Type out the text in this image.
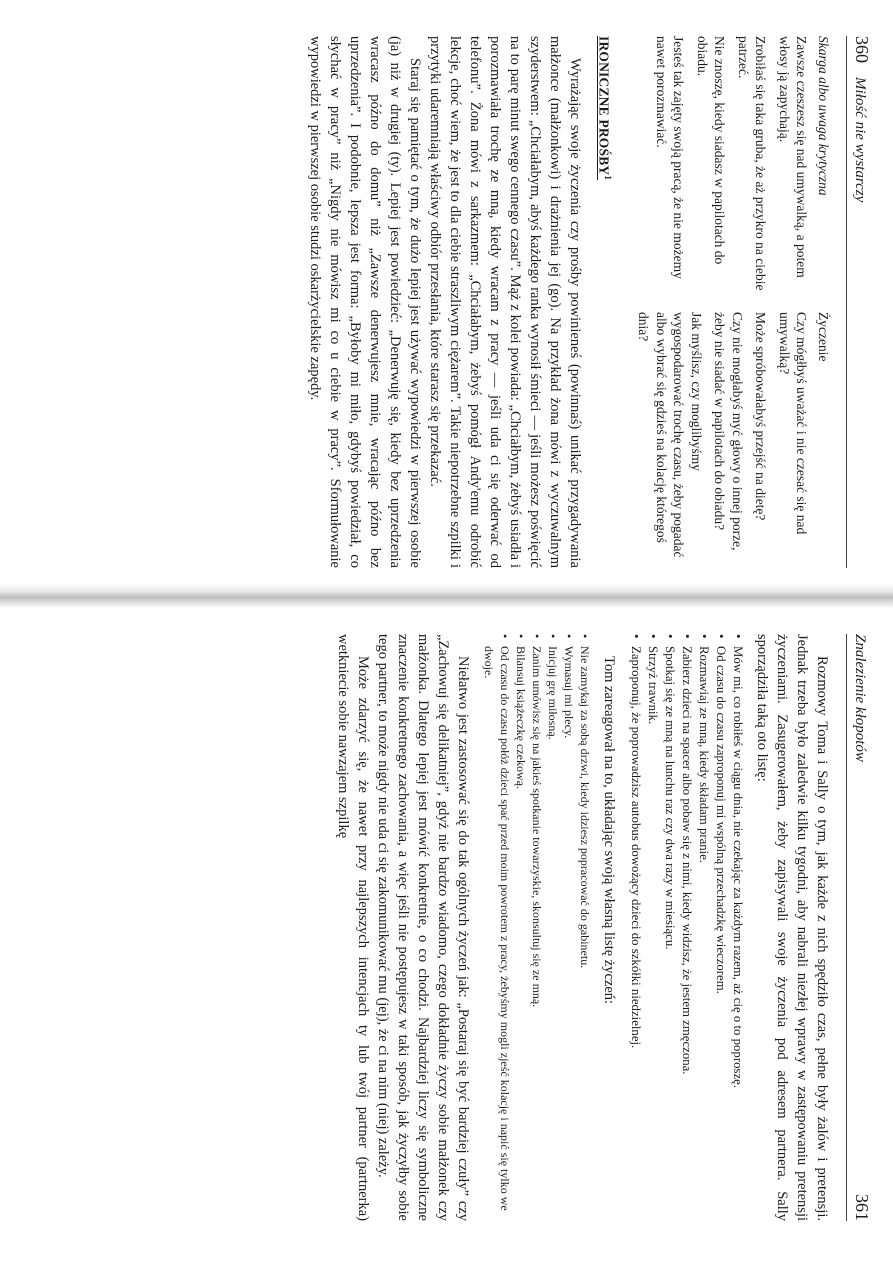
360
Miłość nie wystarczy
Skarga albo uwaga krytyczna

Zawsze czeszesz się nad umywalką, a potem włosy ją zapychają.

Zrobiłaś się taka gruba, że aż przykro na ciebie patrzeć.

Nie znoszę, kiedy siadasz w papilotach do obiadu.

Jesteś tak zajęty swoją pracą, że nie możemy nawet porozmawiać.

Życzenie

Czy mógłbyś uważać i nie czesać się nad umywalką?

Może spróbowałabyś przejść na dietę?

Czy nie mogłabyś myć głowy o innej porze, żeby nie siadać w papilotach do obiadu?

Jak myślisz, czy moglibyśmy wygospodarować trochę czasu, żeby pogadać albo wybrać się gdzieś na kolację któregoś dnia?

IRONICZNE PROŚBY$^1$

Wyrażając swoje życzenia czy prośby powinieneś (powinnaś) unikać przygadywania małżonce (małżonkowi) i drażnienia jej (go). Na przykład żona mówi z wyczuwalnym szyderstwem: „Chciałabym, abyś każdego ranka wynosił śmieci — jeśli możesz poświęcić na to parę minut swego cennego czasu”. Mąż z kolei powiada: „Chciałbym, żebyś usiadła i porozmawiała trochę ze mną, kiedy wracam z pracy — jeśli uda ci się oderwać od telefonu”. Żona mówi z sarkazmem: „Chciałabym, żebyś pomógł Andy'emu odrobić lekcje, choć wiem, że jest to dla ciebie straszliwym ciężarem”. Takie niepotrzebne szpilki i przytyki udaremniają właściwy odbiór przesłania, które starasz się przekazać.

Staraj się pamiętać o tym, że dużo lepiej jest używać wypowiedzi w pierwszej osobie (ja) niż w drugiej (ty). Lepiej jest powiedzieć: „Denerwuję się, kiedy bez uprzedzenia wracasz późno do domu” niż „Zawsze denerwujesz mnie, wracając późno bez uprzedzenia”. I podobnie, lepsza jest forma: „Byłoby mi miło, gdybyś powiedział, co słychać w pracy” niż „Nigdy nie mówisz mi co u ciebie w pracy”. Sformułowanie wypowiedzi w pierwszej osobie studzi oskarżycielskie zapędy.

Znalezienie kłopotów
361

Rozmowy Toma i Sally o tym, jak każde z nich spędziło czas, pełne były żalów i pretensji. Jednak trzeba było zaledwie kilku tygodni, aby nabrali niezłej wprawy w zastępowaniu pretensji życzeniami. Zasugerowałem, żeby zapisywali swoje życzenia pod adresem partnera. Sally sporządziła taką oto listę:

• Mów mi, co robiłeś w ciągu dnia, nie czekając za każdym razem, aż cię o to poproszę.
• Od czasu do czasu zaproponuj mi wspólną przechadzkę wieczorem.
• Rozmawiaj ze mną, kiedy składam pranie.
• Zabierz dzieci na spacer albo pobaw się z nimi, kiedy widzisz, że jestem zmęczona.
• Spotkaj się ze mną na lunchu raz czy dwa razy w miesiącu.
• Strzyż trawnik.
• Zaproponuj, że poprowadzisz autobus dowożący dzieci do szkółki niedzielnej.

Tom zareagował na to, układając swoją własną listę życzeń:

• Nie zamykaj za sobą drzwi, kiedy idziesz popracować do gabinetu.
• Wymasuj mi plecy.
• Inicjuj grę miłosną.
• Zanim umówisz się na jakieś spotkanie towarzyskie, skonsultuj się ze mną.
• Bilansuj książeczkę czekową.
• Od czasu do czasu połóż dzieci spać przed moim powrotem z pracy, żebyśmy mogli zjeść kolację i napić się tylko we dwoje.

Niełatwo jest zastosować się do tak ogólnych życzeń jak: „Postaraj się być bardziej czuły” czy „Zachowuj się delikatniej”, gdyż nie bardzo wiadomo, czego dokładnie życzy sobie małżonek czy małżonka. Dlatego lepiej jest mówić konkretnie, o co chodzi. Najbardziej liczy się symboliczne znaczenie konkretnego zachowania, a więc jeśli nie postępujesz w taki sposób, jak życzyłby sobie tego partner, to może nigdy nie uda ci się zakomunikować mu (jej), że ci na nim (niej) zależy.

Może zdarzyć się, że nawet przy najlepszych intencjach ty lub twój partner (partnerka) wetkniecie sobie nawzajem szpilkę
